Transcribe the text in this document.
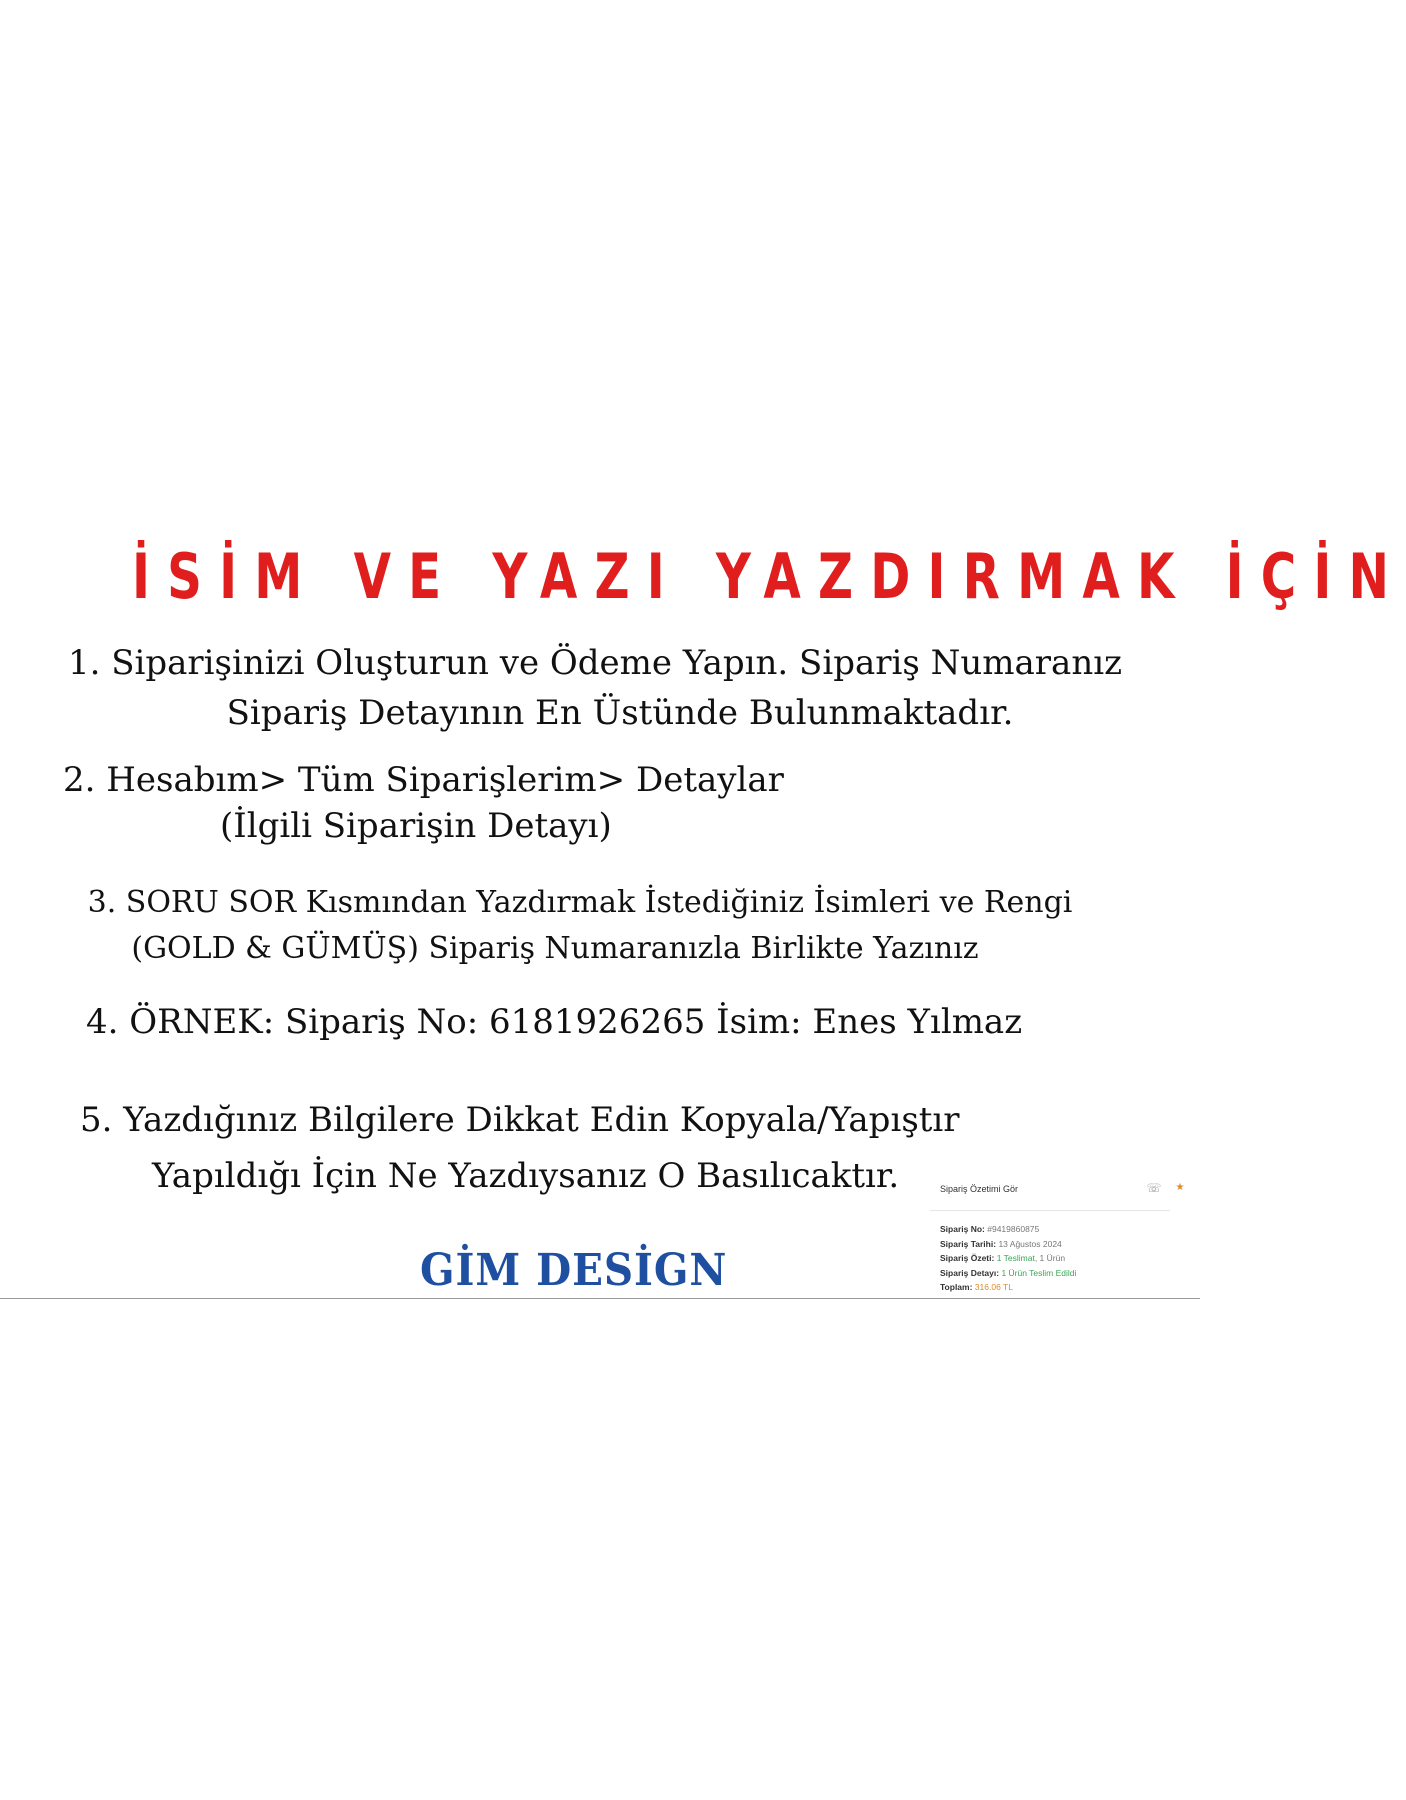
İSİM VE YAZI YAZDIRMAK İÇİN
1. Siparişinizi Oluşturun ve Ödeme Yapın. Sipariş Numaranız
Sipariş Detayının En Üstünde Bulunmaktadır.
2. Hesabım> Tüm Siparişlerim> Detaylar
(İlgili Siparişin Detayı)
3. SORU SOR Kısmından Yazdırmak İstediğiniz İsimleri ve Rengi
(GOLD & GÜMÜŞ) Sipariş Numaranızla Birlikte Yazınız
4. ÖRNEK: Sipariş No: 6181926265 İsim: Enes Yılmaz
5. Yazdığınız Bilgilere Dikkat Edin Kopyala/Yapıştır
Yapıldığı İçin Ne Yazdıysanız O Basılıcaktır.	Sipariş Özetimi Gör	☏	★
Sipariş No: #9419860875
Sipariş Tarihi: 13 Ağustos 2024
Sipariş Özeti: 1 Teslimat, 1 Ürün
Sipariş Detayı: 1 Ürün Teslim Edildi
Toplam: 316.06 TL
GİM DESİGN
